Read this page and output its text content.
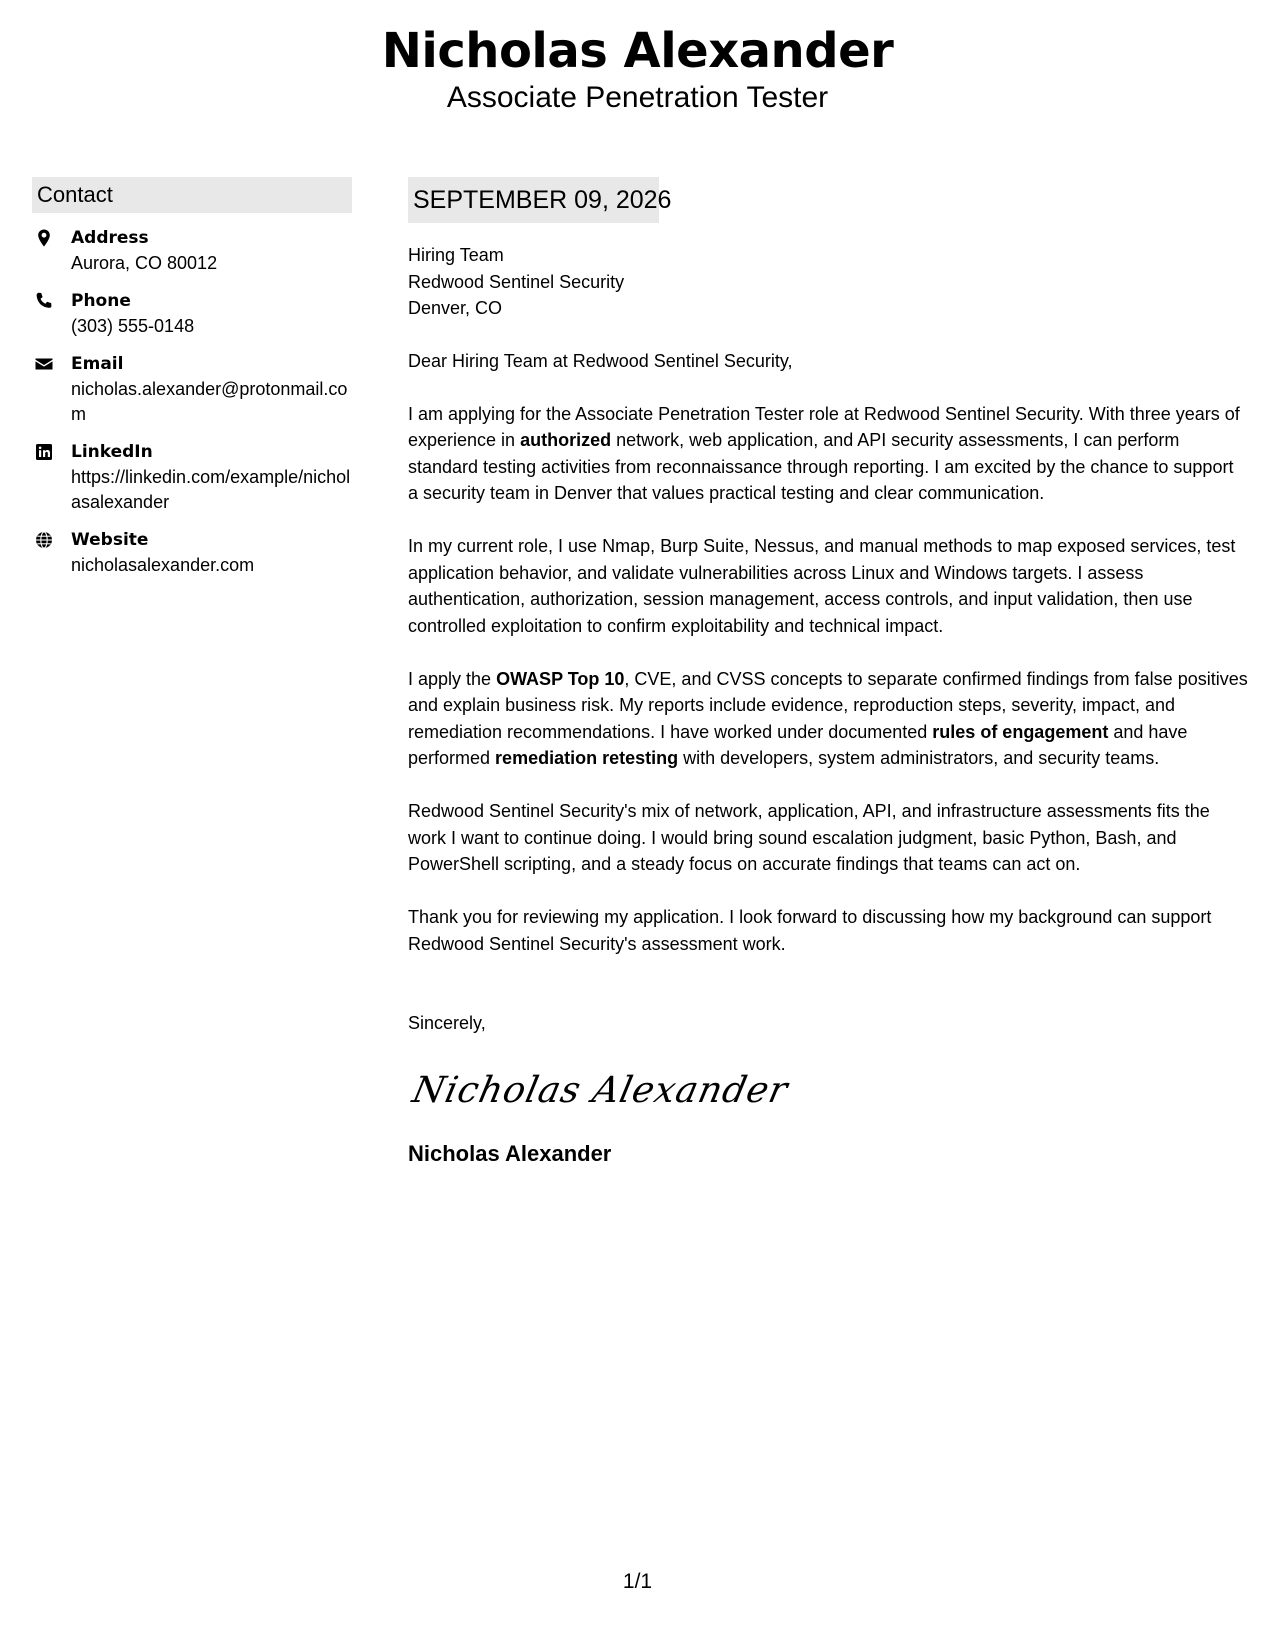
Nicholas Alexander
Associate Penetration Tester
Contact
Address
Aurora, CO 80012
Phone
(303) 555-0148
Email
nicholas.alexander@protonmail.com
LinkedIn
https://linkedin.com/example/nicholasalexander
Website
nicholasalexander.com
SEPTEMBER 09, 2026
Hiring Team
Redwood Sentinel Security
Denver, CO
Dear Hiring Team at Redwood Sentinel Security,
I am applying for the Associate Penetration Tester role at Redwood Sentinel Security. With three years of experience in authorized network, web application, and API security assessments, I can perform standard testing activities from reconnaissance through reporting. I am excited by the chance to support a security team in Denver that values practical testing and clear communication.
In my current role, I use Nmap, Burp Suite, Nessus, and manual methods to map exposed services, test application behavior, and validate vulnerabilities across Linux and Windows targets. I assess authentication, authorization, session management, access controls, and input validation, then use controlled exploitation to confirm exploitability and technical impact.
I apply the OWASP Top 10, CVE, and CVSS concepts to separate confirmed findings from false positives and explain business risk. My reports include evidence, reproduction steps, severity, impact, and remediation recommendations. I have worked under documented rules of engagement and have performed remediation retesting with developers, system administrators, and security teams.
Redwood Sentinel Security's mix of network, application, API, and infrastructure assessments fits the work I want to continue doing. I would bring sound escalation judgment, basic Python, Bash, and PowerShell scripting, and a steady focus on accurate findings that teams can act on.
Thank you for reviewing my application. I look forward to discussing how my background can support Redwood Sentinel Security's assessment work.
Sincerely,
Nicholas Alexander
Nicholas Alexander
1/1
